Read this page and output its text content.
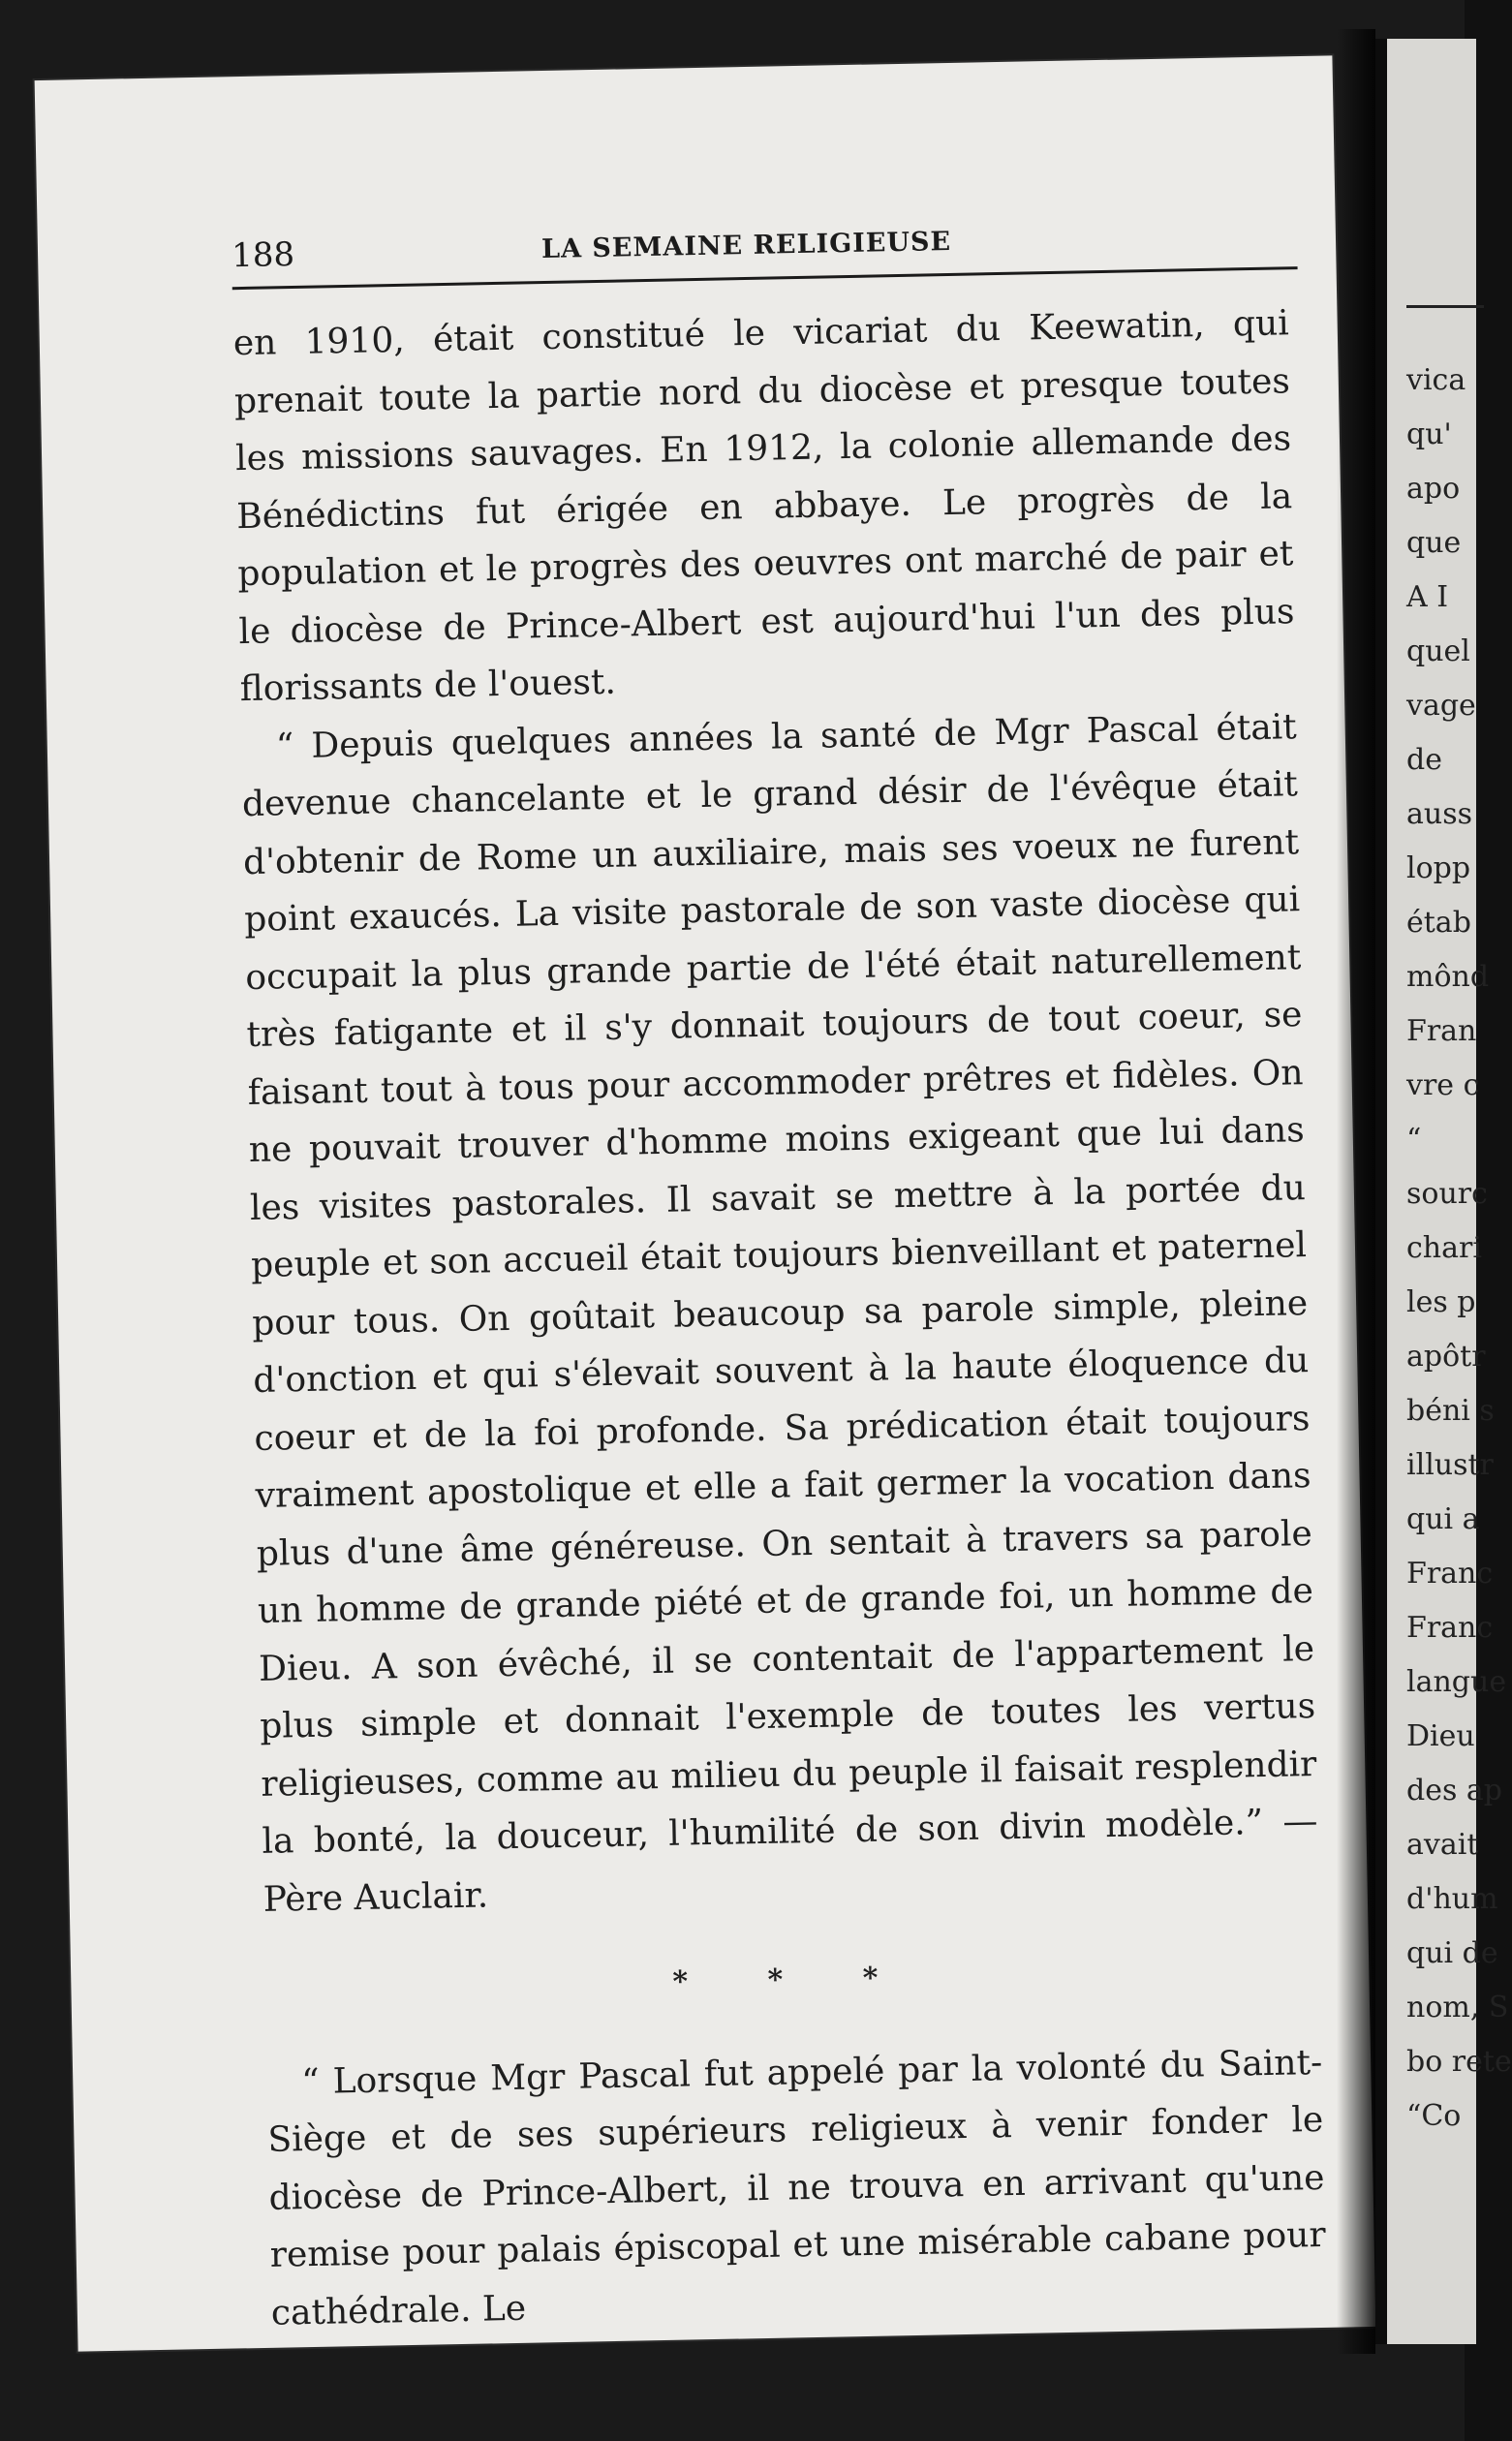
188	LA SEMAINE RELIGIEUSE

en 1910, était constitué le vicariat du Keewatin, qui prenait toute la partie nord du diocèse et presque toutes les missions sauvages. En 1912, la colonie allemande des Bénédictins fut érigée en abbaye. Le progrès de la population et le progrès des oeuvres ont marché de pair et le diocèse de Prince-Albert est aujourd'hui l'un des plus florissants de l'ouest.

“ Depuis quelques années la santé de Mgr Pascal était devenue chancelante et le grand désir de l'évêque était d'obtenir de Rome un auxiliaire, mais ses voeux ne furent point exaucés. La visite pastorale de son vaste diocèse qui occupait la plus grande partie de l'été était naturellement très fatigante et il s'y donnait toujours de tout coeur, se faisant tout à tous pour accommoder prêtres et fidèles. On ne pouvait trouver d'homme moins exigeant que lui dans les visites pastorales. Il savait se mettre à la portée du peuple et son accueil était toujours bienveillant et paternel pour tous. On goûtait beaucoup sa parole simple, pleine d'onction et qui s'élevait souvent à la haute éloquence du coeur et de la foi profonde. Sa prédication était toujours vraiment apostolique et elle a fait germer la vocation dans plus d'une âme généreuse. On sentait à travers sa parole un homme de grande piété et de grande foi, un homme de Dieu. A son évêché, il se contentait de l'appartement le plus simple et donnait l'exemple de toutes les vertus religieuses, comme au milieu du peuple il faisait resplendir la bonté, la douceur, l'humilité de son divin modèle.” — Père Auclair.

* * *

“ Lorsque Mgr Pascal fut appelé par la volonté du Saint-Siège et de ses supérieurs religieux à venir fonder le diocèse de Prince-Albert, il ne trouva en arrivant qu'une remise pour palais épiscopal et une misérable cabane pour cathédrale. Le

vica
qu'
apo
que
A I
quel
vage
de
auss
lopp
étab
mônd
Fran
vre c
“
sourc
chari
les p
apôtr
béni s
illustr
qui a
Franc
Franc
langue
Dieu
des ap
avait
d'hum
qui de
nom, S
bo rete
“Co
